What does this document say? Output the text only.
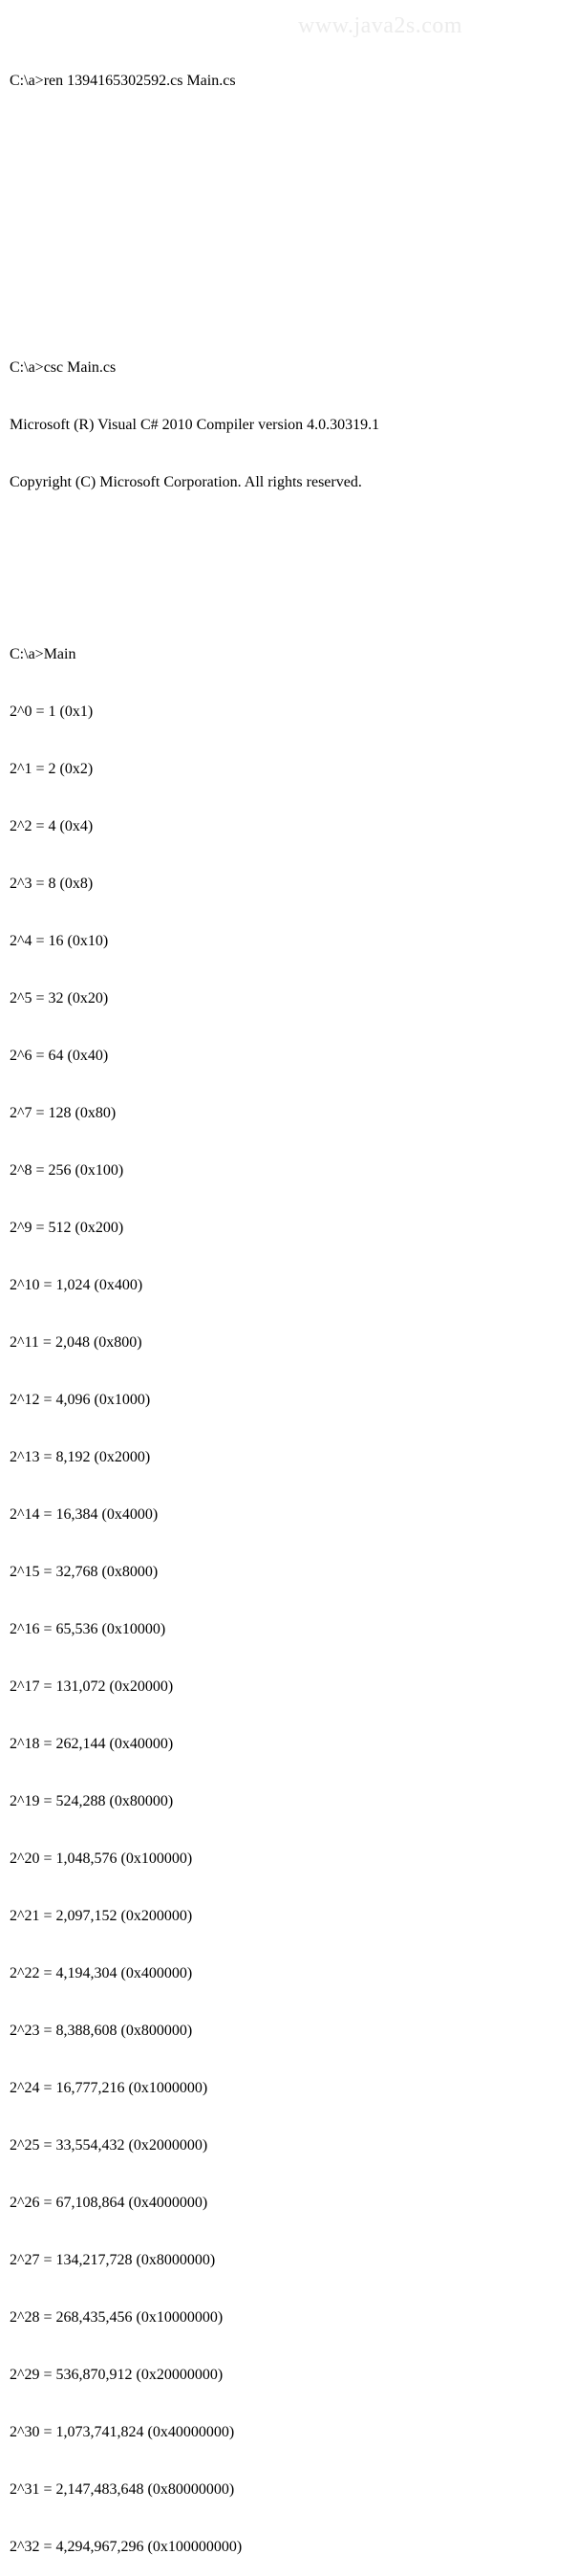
www.java2s.com

C:\a>ren 1394165302592.cs Main.cs

C:\a>csc Main.cs

Microsoft (R) Visual C# 2010 Compiler version 4.0.30319.1

Copyright (C) Microsoft Corporation. All rights reserved.

C:\a>Main

2^0 = 1 (0x1)

2^1 = 2 (0x2)

2^2 = 4 (0x4)

2^3 = 8 (0x8)

2^4 = 16 (0x10)

2^5 = 32 (0x20)

2^6 = 64 (0x40)

2^7 = 128 (0x80)

2^8 = 256 (0x100)

2^9 = 512 (0x200)

2^10 = 1,024 (0x400)

2^11 = 2,048 (0x800)

2^12 = 4,096 (0x1000)

2^13 = 8,192 (0x2000)

2^14 = 16,384 (0x4000)

2^15 = 32,768 (0x8000)

2^16 = 65,536 (0x10000)

2^17 = 131,072 (0x20000)

2^18 = 262,144 (0x40000)

2^19 = 524,288 (0x80000)

2^20 = 1,048,576 (0x100000)

2^21 = 2,097,152 (0x200000)

2^22 = 4,194,304 (0x400000)

2^23 = 8,388,608 (0x800000)

2^24 = 16,777,216 (0x1000000)

2^25 = 33,554,432 (0x2000000)

2^26 = 67,108,864 (0x4000000)

2^27 = 134,217,728 (0x8000000)

2^28 = 268,435,456 (0x10000000)

2^29 = 536,870,912 (0x20000000)

2^30 = 1,073,741,824 (0x40000000)

2^31 = 2,147,483,648 (0x80000000)

2^32 = 4,294,967,296 (0x100000000)
